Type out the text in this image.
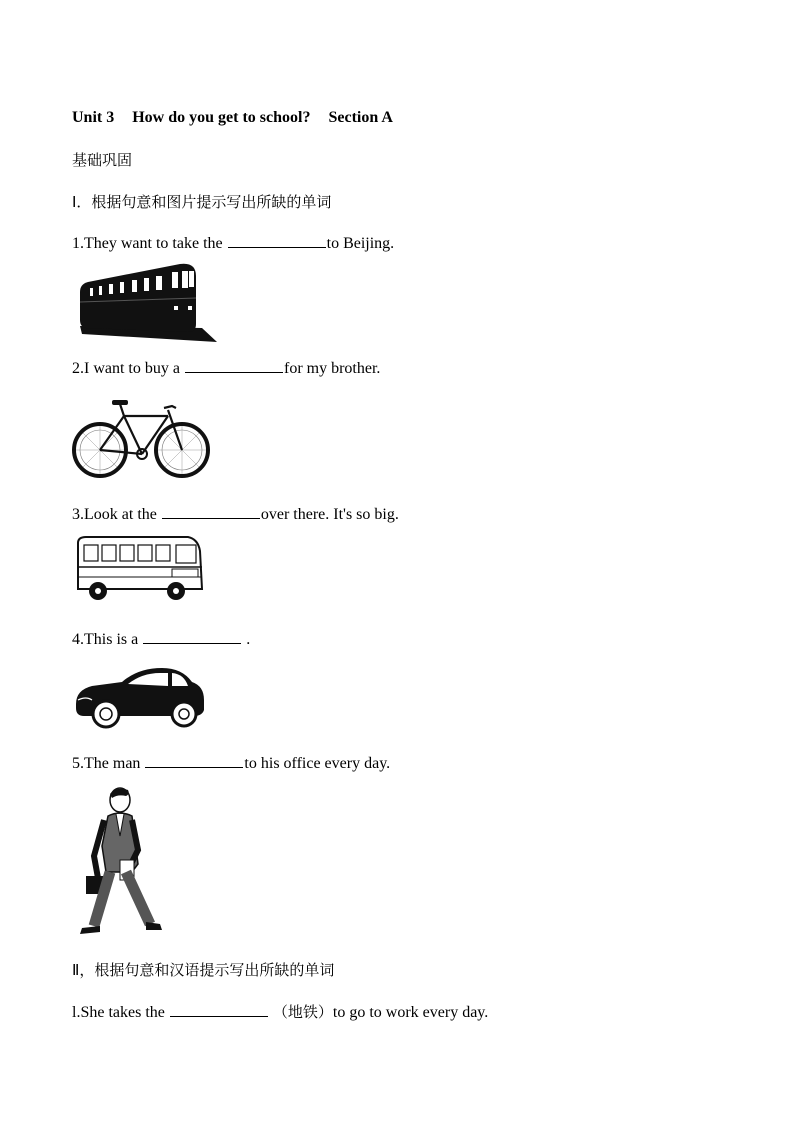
Unit 3 How do you get to school? Section A
基础巩固
Ⅰ．根据句意和图片提示写出所缺的单词
1.They want to take the	to Beijing.
2.I want to buy a	for my brother.
3.Look at the	over there. It's so big.
4.This is a	.
5.The man	to his office every day.
Ⅱ，根据句意和汉语提示写出所缺的单词
l.She takes the	（地铁）to go to work every day.
